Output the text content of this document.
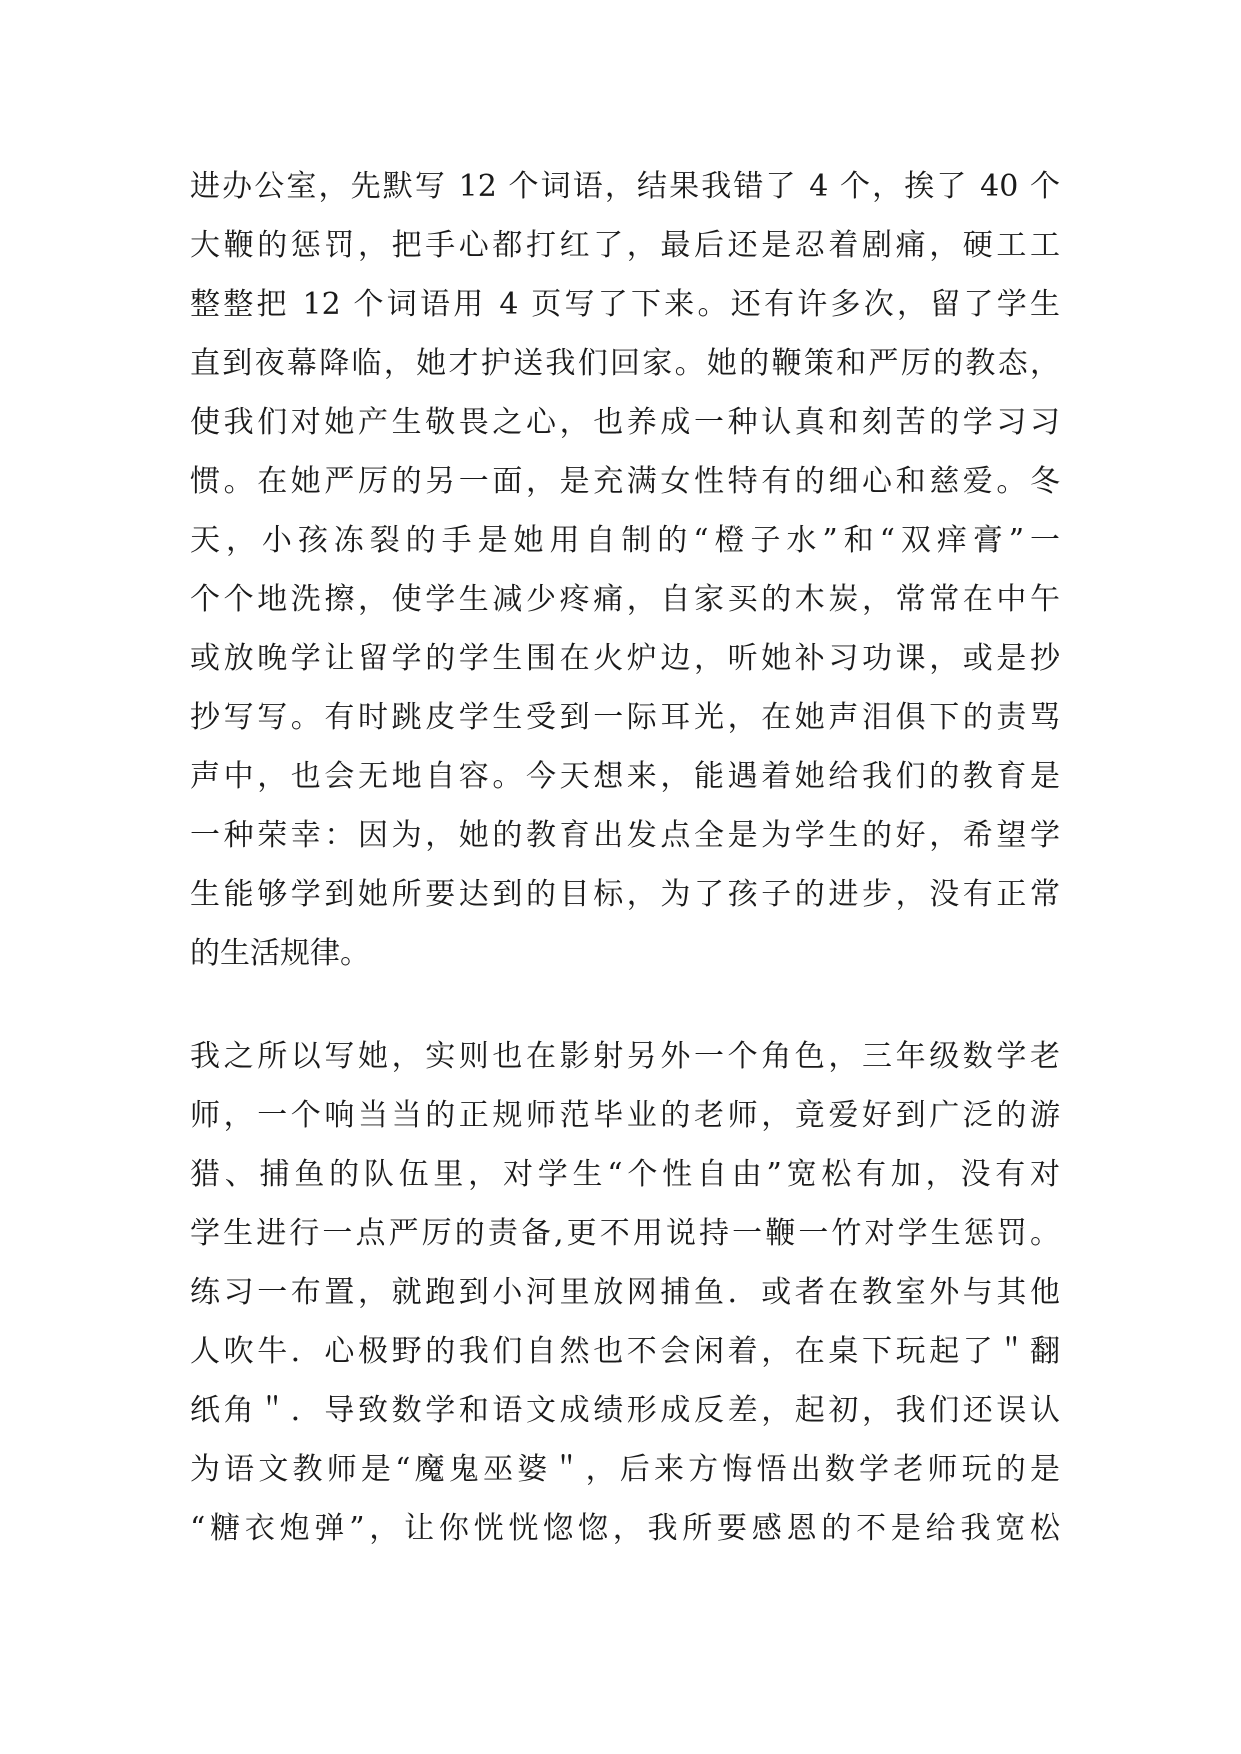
进办公室，先默写 12 个词语，结果我错了 4 个，挨了 40 个
大鞭的惩罚，把手心都打红了，最后还是忍着剧痛，硬工工
整整把 12 个词语用 4 页写了下来。还有许多次，留了学生
直到夜幕降临，她才护送我们回家。她的鞭策和严厉的教态，
使我们对她产生敬畏之心，也养成一种认真和刻苦的学习习
惯。在她严厉的另一面，是充满女性特有的细心和慈爱。冬
天，小孩冻裂的手是她用自制的“橙子水”和“双痒膏”一
个个地洗擦，使学生减少疼痛，自家买的木炭，常常在中午
或放晚学让留学的学生围在火炉边，听她补习功课，或是抄
抄写写。有时跳皮学生受到一际耳光，在她声泪俱下的责骂
声中，也会无地自容。今天想来，能遇着她给我们的教育是
一种荣幸：因为，她的教育出发点全是为学生的好，希望学
生能够学到她所要达到的目标，为了孩子的进步，没有正常
的生活规律。
我之所以写她，实则也在影射另外一个角色，三年级数学老
师，一个响当当的正规师范毕业的老师，竟爱好到广泛的游
猎、捕鱼的队伍里，对学生“个性自由”宽松有加，没有对
学生进行一点严厉的责备,更不用说持一鞭一竹对学生惩罚。
练习一布置，就跑到小河里放网捕鱼．或者在教室外与其他
人吹牛．心极野的我们自然也不会闲着，在桌下玩起了＂翻
纸角＂．导致数学和语文成绩形成反差，起初，我们还误认
为语文教师是“魔鬼巫婆＂，后来方悔悟出数学老师玩的是
“糖衣炮弹”，让你恍恍惚惚，我所要感恩的不是给我宽松
